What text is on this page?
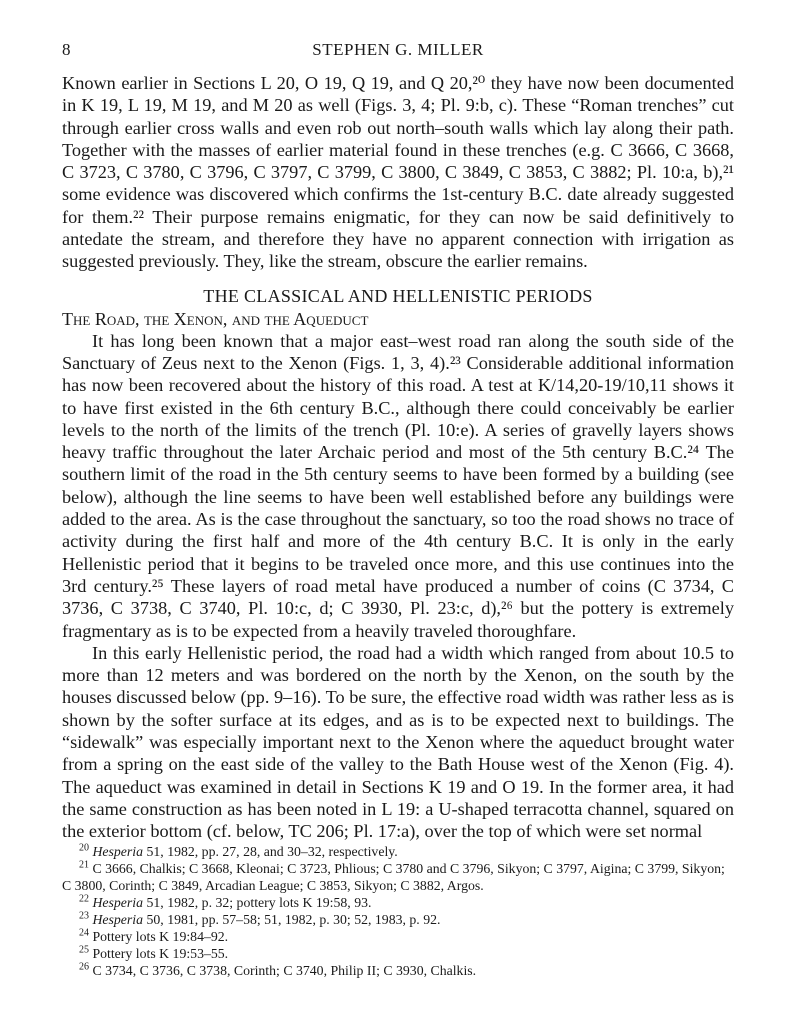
8	STEPHEN G. MILLER

Known earlier in Sections L 20, O 19, Q 19, and Q 20,²⁰ they have now been documented in K 19, L 19, M 19, and M 20 as well (Figs. 3, 4; Pl. 9:b, c). These “Roman trenches” cut through earlier cross walls and even rob out north–south walls which lay along their path. Together with the masses of earlier material found in these trenches (e.g. C 3666, C 3668, C 3723, C 3780, C 3796, C 3797, C 3799, C 3800, C 3849, C 3853, C 3882; Pl. 10:a, b),²¹ some evidence was discovered which confirms the 1st-century B.C. date already suggested for them.²² Their purpose remains enigmatic, for they can now be said definitively to antedate the stream, and therefore they have no apparent connection with irrigation as suggested previously. They, like the stream, obscure the earlier remains.

THE CLASSICAL AND HELLENISTIC PERIODS
The Road, the Xenon, and the Aqueduct

It has long been known that a major east–west road ran along the south side of the Sanctuary of Zeus next to the Xenon (Figs. 1, 3, 4).²³ Considerable additional information has now been recovered about the history of this road. A test at K/14,20-19/10,11 shows it to have first existed in the 6th century B.C., although there could conceivably be earlier levels to the north of the limits of the trench (Pl. 10:e). A series of gravelly layers shows heavy traffic throughout the later Archaic period and most of the 5th century B.C.²⁴ The southern limit of the road in the 5th century seems to have been formed by a building (see below), although the line seems to have been well established before any buildings were added to the area. As is the case throughout the sanctuary, so too the road shows no trace of activity during the first half and more of the 4th century B.C. It is only in the early Hellenistic period that it begins to be traveled once more, and this use continues into the 3rd century.²⁵ These layers of road metal have produced a number of coins (C 3734, C 3736, C 3738, C 3740, Pl. 10:c, d; C 3930, Pl. 23:c, d),²⁶ but the pottery is extremely fragmentary as is to be expected from a heavily traveled thoroughfare.

In this early Hellenistic period, the road had a width which ranged from about 10.5 to more than 12 meters and was bordered on the north by the Xenon, on the south by the houses discussed below (pp. 9–16). To be sure, the effective road width was rather less as is shown by the softer surface at its edges, and as is to be expected next to buildings. The “sidewalk” was especially important next to the Xenon where the aqueduct brought water from a spring on the east side of the valley to the Bath House west of the Xenon (Fig. 4). The aqueduct was examined in detail in Sections K 19 and O 19. In the former area, it had the same construction as has been noted in L 19: a U-shaped terracotta channel, squared on the exterior bottom (cf. below, TC 206; Pl. 17:a), over the top of which were set normal

$^{20}$ Hesperia 51, 1982, pp. 27, 28, and 30–32, respectively.

$^{21}$ C 3666, Chalkis; C 3668, Kleonai; C 3723, Phlious; C 3780 and C 3796, Sikyon; C 3797, Aigina; C 3799, Sikyon; C 3800, Corinth; C 3849, Arcadian League; C 3853, Sikyon; C 3882, Argos.

$^{22}$ Hesperia 51, 1982, p. 32; pottery lots K 19:58, 93.

$^{23}$ Hesperia 50, 1981, pp. 57–58; 51, 1982, p. 30; 52, 1983, p. 92.

$^{24}$ Pottery lots K 19:84–92.

$^{25}$ Pottery lots K 19:53–55.

$^{26}$ C 3734, C 3736, C 3738, Corinth; C 3740, Philip II; C 3930, Chalkis.
